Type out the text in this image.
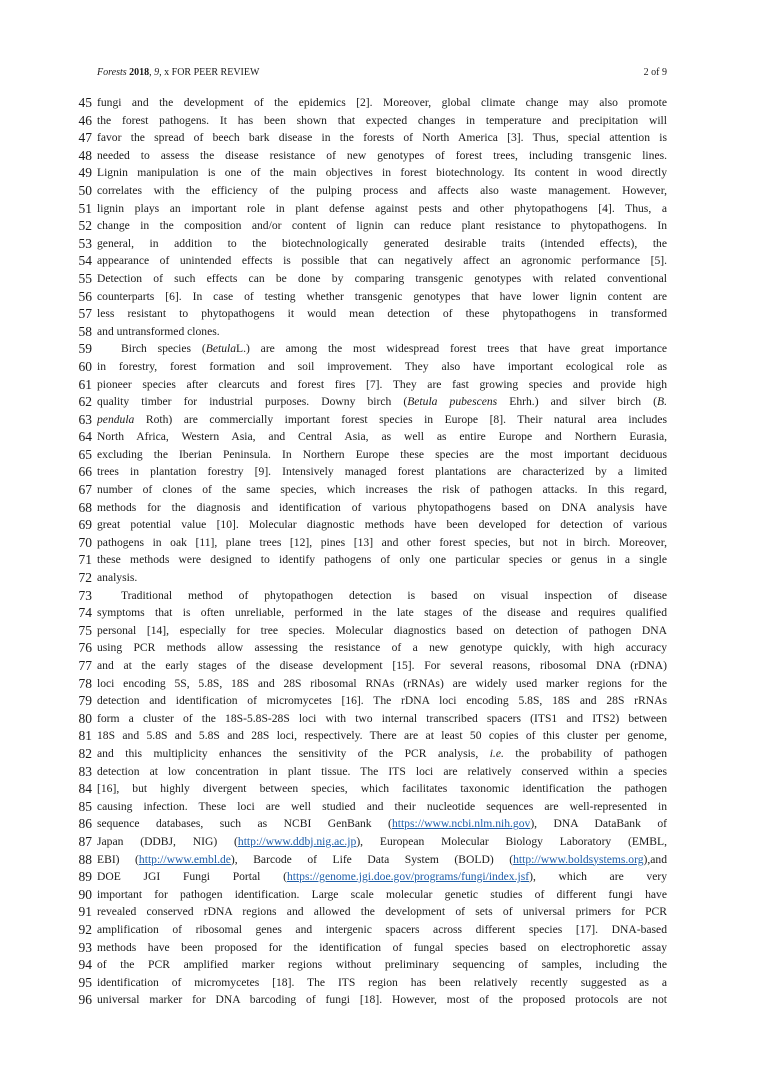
Forests 2018, 9, x FOR PEER REVIEW	2 of 9
45 fungi and the development of the epidemics [2]. Moreover, global climate change may also promote
46 the forest pathogens. It has been shown that expected changes in temperature and precipitation will
47 favor the spread of beech bark disease in the forests of North America [3]. Thus, special attention is
48 needed to assess the disease resistance of new genotypes of forest trees, including transgenic lines.
49 Lignin manipulation is one of the main objectives in forest biotechnology. Its content in wood directly
50 correlates with the efficiency of the pulping process and affects also waste management. However,
51 lignin plays an important role in plant defense against pests and other phytopathogens [4]. Thus, a
52 change in the composition and/or content of lignin can reduce plant resistance to phytopathogens. In
53 general, in addition to the biotechnologically generated desirable traits (intended effects), the
54 appearance of unintended effects is possible that can negatively affect an agronomic performance [5].
55 Detection of such effects can be done by comparing transgenic genotypes with related conventional
56 counterparts [6]. In case of testing whether transgenic genotypes that have lower lignin content are
57 less resistant to phytopathogens it would mean detection of these phytopathogens in transformed
58 and untransformed clones.
59	Birch species (BetulaL.) are among the most widespread forest trees that have great importance
60 in forestry, forest formation and soil improvement. They also have important ecological role as
61 pioneer species after clearcuts and forest fires [7]. They are fast growing species and provide high
62 quality timber for industrial purposes. Downy birch (Betula pubescens Ehrh.) and silver birch (B.
63 pendula Roth) are commercially important forest species in Europe [8]. Their natural area includes
64 North Africa, Western Asia, and Central Asia, as well as entire Europe and Northern Eurasia,
65 excluding the Iberian Peninsula. In Northern Europe these species are the most important deciduous
66 trees in plantation forestry [9]. Intensively managed forest plantations are characterized by a limited
67 number of clones of the same species, which increases the risk of pathogen attacks. In this regard,
68 methods for the diagnosis and identification of various phytopathogens based on DNA analysis have
69 great potential value [10]. Molecular diagnostic methods have been developed for detection of various
70 pathogens in oak [11], plane trees [12], pines [13] and other forest species, but not in birch. Moreover,
71 these methods were designed to identify pathogens of only one particular species or genus in a single
72 analysis.
73	Traditional method of phytopathogen detection is based on visual inspection of disease
74 symptoms that is often unreliable, performed in the late stages of the disease and requires qualified
75 personal [14], especially for tree species. Molecular diagnostics based on detection of pathogen DNA
76 using PCR methods allow assessing the resistance of a new genotype quickly, with high accuracy
77 and at the early stages of the disease development [15]. For several reasons, ribosomal DNA (rDNA)
78 loci encoding 5S, 5.8S, 18S and 28S ribosomal RNAs (rRNAs) are widely used marker regions for the
79 detection and identification of micromycetes [16]. The rDNA loci encoding 5.8S, 18S and 28S rRNAs
80 form a cluster of the 18S-5.8S-28S loci with two internal transcribed spacers (ITS1 and ITS2) between
81 18S and 5.8S and 5.8S and 28S loci, respectively. There are at least 50 copies of this cluster per genome,
82 and this multiplicity enhances the sensitivity of the PCR analysis, i.e. the probability of pathogen
83 detection at low concentration in plant tissue. The ITS loci are relatively conserved within a species
84 [16], but highly divergent between species, which facilitates taxonomic identification the pathogen
85 causing infection. These loci are well studied and their nucleotide sequences are well-represented in
86 sequence databases, such as NCBI GenBank (https://www.ncbi.nlm.nih.gov), DNA DataBank of
87 Japan (DDBJ, NIG) (http://www.ddbj.nig.ac.jp), European Molecular Biology Laboratory (EMBL,
88 EBI) (http://www.embl.de), Barcode of Life Data System (BOLD) (http://www.boldsystems.org),and
89 DOE JGI Fungi Portal (https://genome.jgi.doe.gov/programs/fungi/index.jsf), which are very
90 important for pathogen identification. Large scale molecular genetic studies of different fungi have
91 revealed conserved rDNA regions and allowed the development of sets of universal primers for PCR
92 amplification of ribosomal genes and intergenic spacers across different species [17]. DNA-based
93 methods have been proposed for the identification of fungal species based on electrophoretic assay
94 of the PCR amplified marker regions without preliminary sequencing of samples, including the
95 identification of micromycetes [18]. The ITS region has been relatively recently suggested as a
96 universal marker for DNA barcoding of fungi [18]. However, most of the proposed protocols are not
